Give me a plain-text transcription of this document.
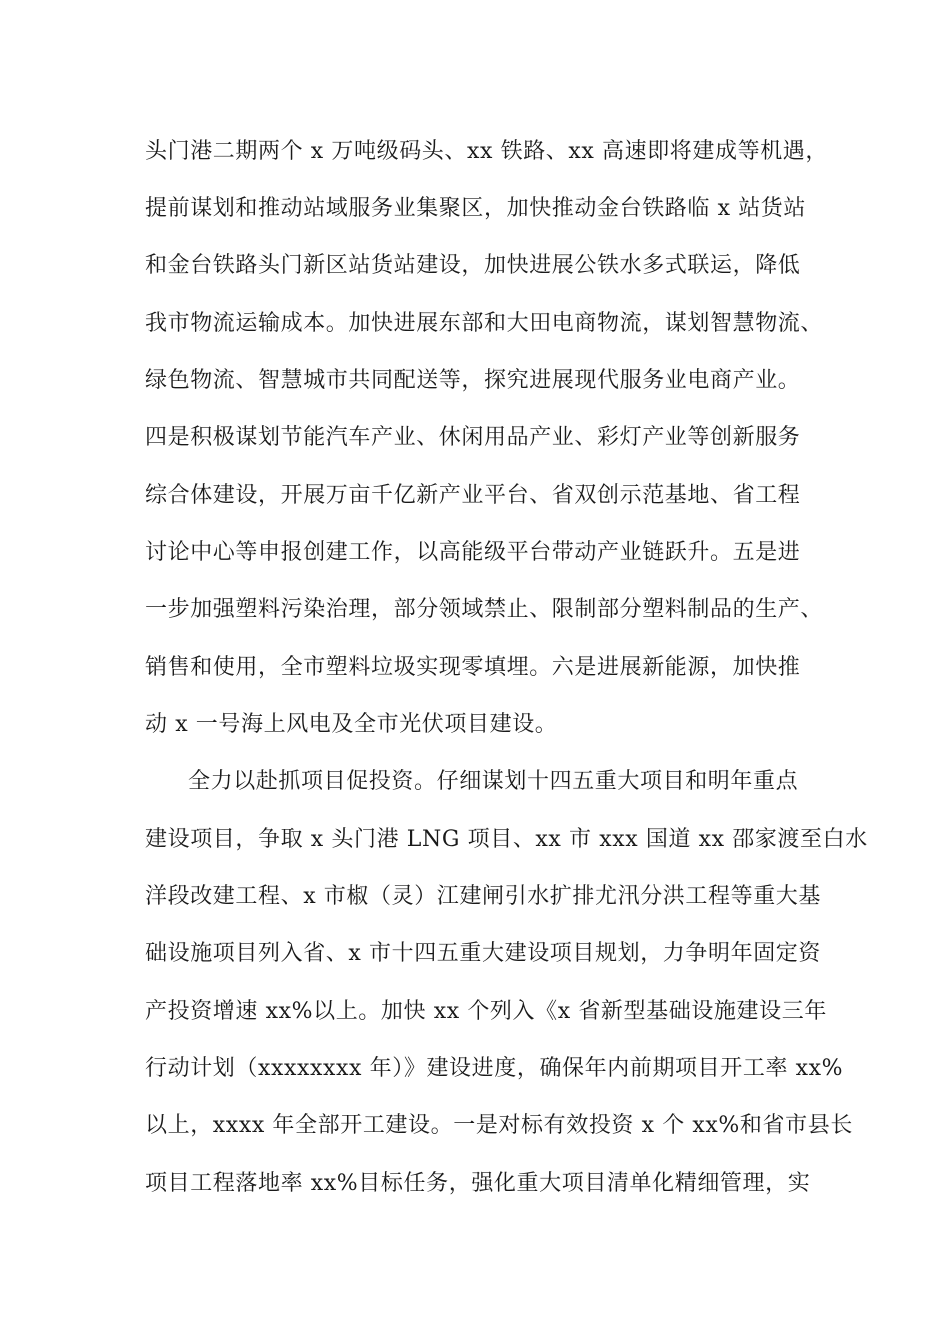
头门港二期两个 x 万吨级码头、xx 铁路、xx 高速即将建成等机遇，
提前谋划和推动站域服务业集聚区，加快推动金台铁路临 x 站货站
和金台铁路头门新区站货站建设，加快进展公铁水多式联运，降低
我市物流运输成本。加快进展东部和大田电商物流，谋划智慧物流、
绿色物流、智慧城市共同配送等，探究进展现代服务业电商产业。
四是积极谋划节能汽车产业、休闲用品产业、彩灯产业等创新服务
综合体建设，开展万亩千亿新产业平台、省双创示范基地、省工程
讨论中心等申报创建工作，以高能级平台带动产业链跃升。五是进
一步加强塑料污染治理，部分领域禁止、限制部分塑料制品的生产、
销售和使用，全市塑料垃圾实现零填埋。六是进展新能源，加快推
动 x 一号海上风电及全市光伏项目建设。
全力以赴抓项目促投资。仔细谋划十四五重大项目和明年重点
建设项目，争取 x 头门港 LNG 项目、xx 市 xxx 国道 xx 邵家渡至白水
洋段改建工程、x 市椒（灵）江建闸引水扩排尤汛分洪工程等重大基
础设施项目列入省、x 市十四五重大建设项目规划，力争明年固定资
产投资增速 xx%以上。加快 xx 个列入《x 省新型基础设施建设三年
行动计划（xxxxxxxx 年）》建设进度，确保年内前期项目开工率 xx%
以上，xxxx 年全部开工建设。一是对标有效投资 x 个 xx%和省市县长
项目工程落地率 xx%目标任务，强化重大项目清单化精细管理，实
